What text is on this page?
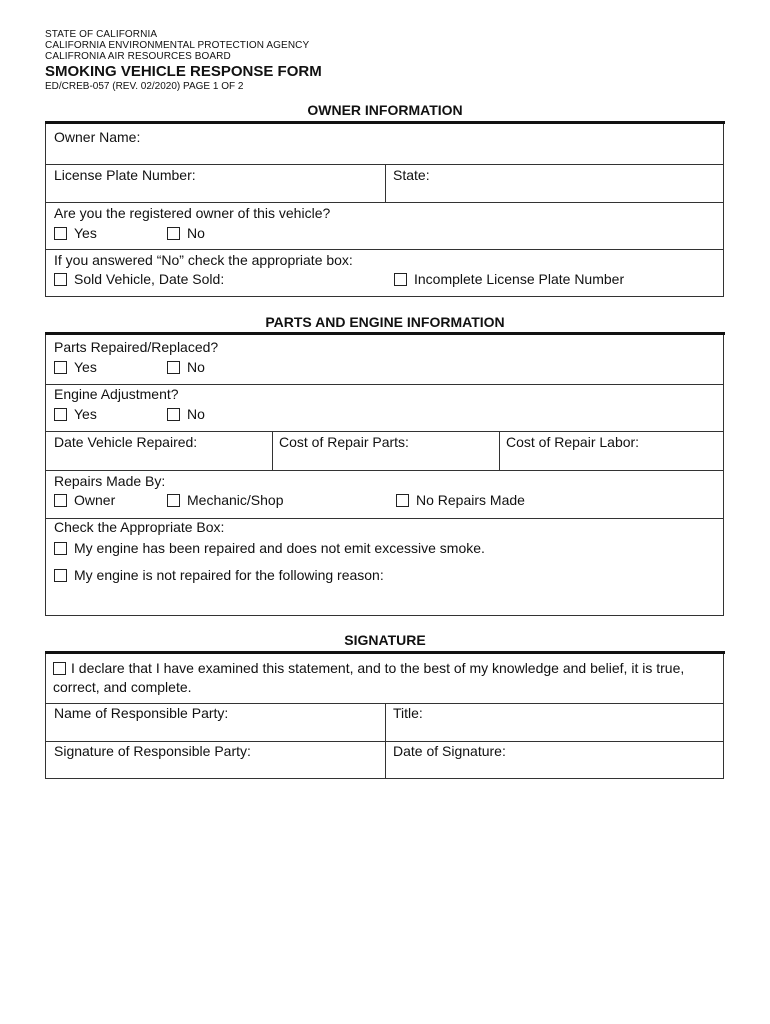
STATE OF CALIFORNIA
CALIFORNIA ENVIRONMENTAL PROTECTION AGENCY
CALIFRONIA AIR RESOURCES BOARD
SMOKING VEHICLE RESPONSE FORM
ED/CREB-057 (REV. 02/2020) PAGE 1 OF 2
OWNER INFORMATION
Owner Name:
License Plate Number:	State:
Are you the registered owner of this vehicle?
Yes	No
If you answered “No” check the appropriate box:
Sold Vehicle, Date Sold:	Incomplete License Plate Number
PARTS AND ENGINE INFORMATION
Parts Repaired/Replaced?
Yes	No
Engine Adjustment?
Yes	No
Date Vehicle Repaired:	Cost of Repair Parts:	Cost of Repair Labor:
Repairs Made By:
Owner	Mechanic/Shop	No Repairs Made
Check the Appropriate Box:
My engine has been repaired and does not emit excessive smoke.
My engine is not repaired for the following reason:
SIGNATURE
I declare that I have examined this statement, and to the best of my knowledge and belief, it is true, correct, and complete.
Name of Responsible Party:	Title:
Signature of Responsible Party:	Date of Signature:
